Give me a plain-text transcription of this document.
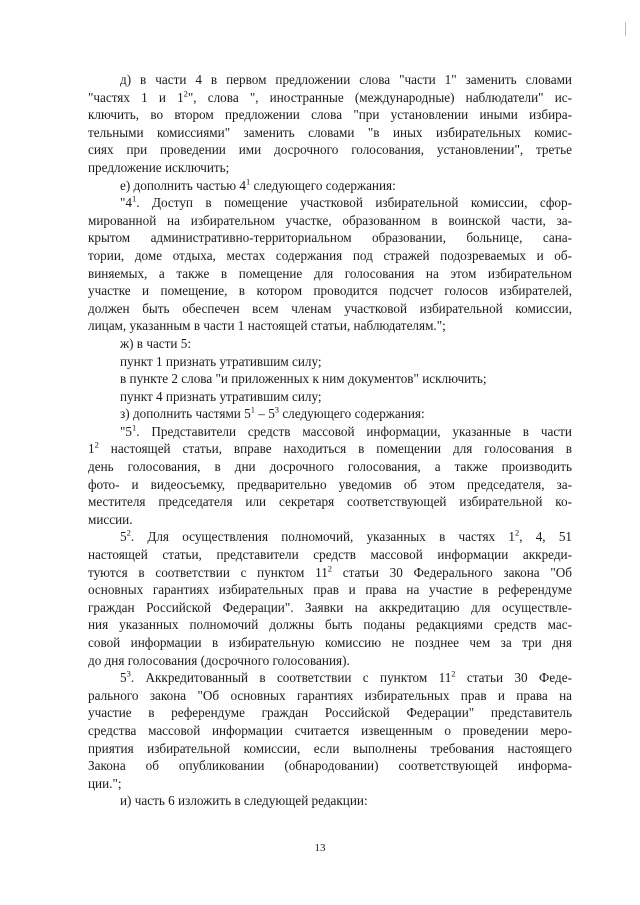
д) в части 4 в первом предложении слова "части 1" заменить словами
"частях 1 и $1^2$", слова ", иностранные (международные) наблюдатели" ис-
ключить, во втором предложении слова "при установлении иными избира-
тельными комиссиями" заменить словами "в иных избирательных комис-
сиях при проведении ими досрочного голосования, установлении", третье
предложение исключить;
е) дополнить частью $4^1$ следующего содержания:
"$4^1$. Доступ в помещение участковой избирательной комиссии, сфор-
мированной на избирательном участке, образованном в воинской части, за-
крытом административно-территориальном образовании, больнице, сана-
тории, доме отдыха, местах содержания под стражей подозреваемых и об-
виняемых, а также в помещение для голосования на этом избирательном
участке и помещение, в котором проводится подсчет голосов избирателей,
должен быть обеспечен всем членам участковой избирательной комиссии,
лицам, указанным в части 1 настоящей статьи, наблюдателям.";
ж) в части 5:
пункт 1 признать утратившим силу;
в пункте 2 слова "и приложенных к ним документов" исключить;
пункт 4 признать утратившим силу;
з) дополнить частями $5^1 - 5^3$ следующего содержания:
"$5^1$. Представители средств массовой информации, указанные в части
$1^2$ настоящей статьи, вправе находиться в помещении для голосования в
день голосования, в дни досрочного голосования, а также производить
фото- и видеосъемку, предварительно уведомив об этом председателя, за-
местителя председателя или секретаря соответствующей избирательной ко-
миссии.
$5^2$. Для осуществления полномочий, указанных в частях $1^2$, 4, 51
настоящей статьи, представители средств массовой информации аккреди-
туются в соответствии с пунктом $11^2$ статьи 30 Федерального закона "Об
основных гарантиях избирательных прав и права на участие в референдуме
граждан Российской Федерации". Заявки на аккредитацию для осуществле-
ния указанных полномочий должны быть поданы редакциями средств мас-
совой информации в избирательную комиссию не позднее чем за три дня
до дня голосования (досрочного голосования).
$5^3$. Аккредитованный в соответствии с пунктом $11^2$ статьи 30 Феде-
рального закона "Об основных гарантиях избирательных прав и права на
участие в референдуме граждан Российской Федерации" представитель
средства массовой информации считается извещенным о проведении меро-
приятия избирательной комиссии, если выполнены требования настоящего
Закона об опубликовании (обнародовании) соответствующей информа-
ции.";
и) часть 6 изложить в следующей редакции:
13
